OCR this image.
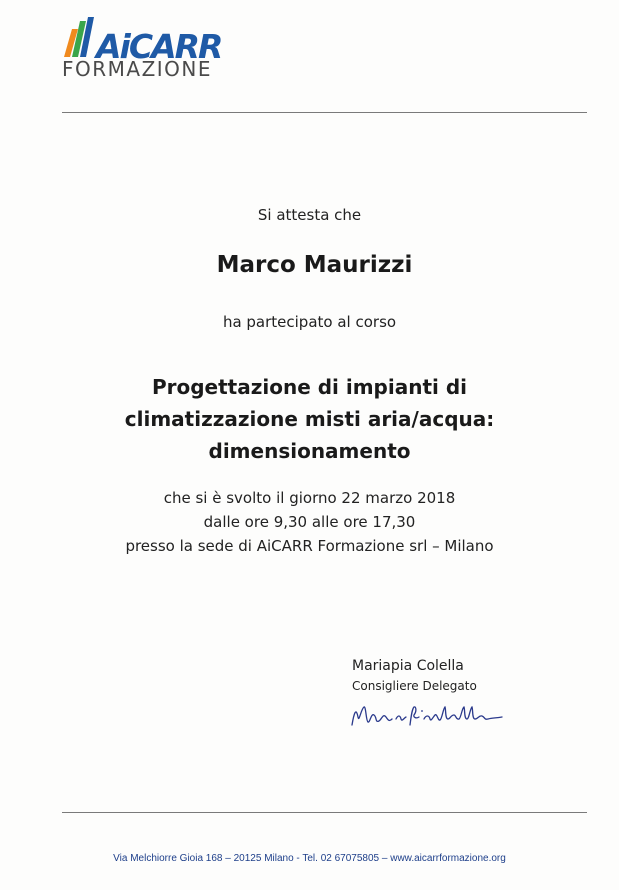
AiCARR
FORMAZIONE
Si attesta che
Marco Maurizzi
ha partecipato al corso
Progettazione di impianti di
climatizzazione misti aria/acqua:
dimensionamento
che si è svolto il giorno 22 marzo 2018
dalle ore 9,30 alle ore 17,30
presso la sede di AiCARR Formazione srl – Milano
Mariapia Colella
Consigliere Delegato
Via Melchiorre Gioia 168 – 20125 Milano - Tel. 02 67075805 – www.aicarrformazione.org
